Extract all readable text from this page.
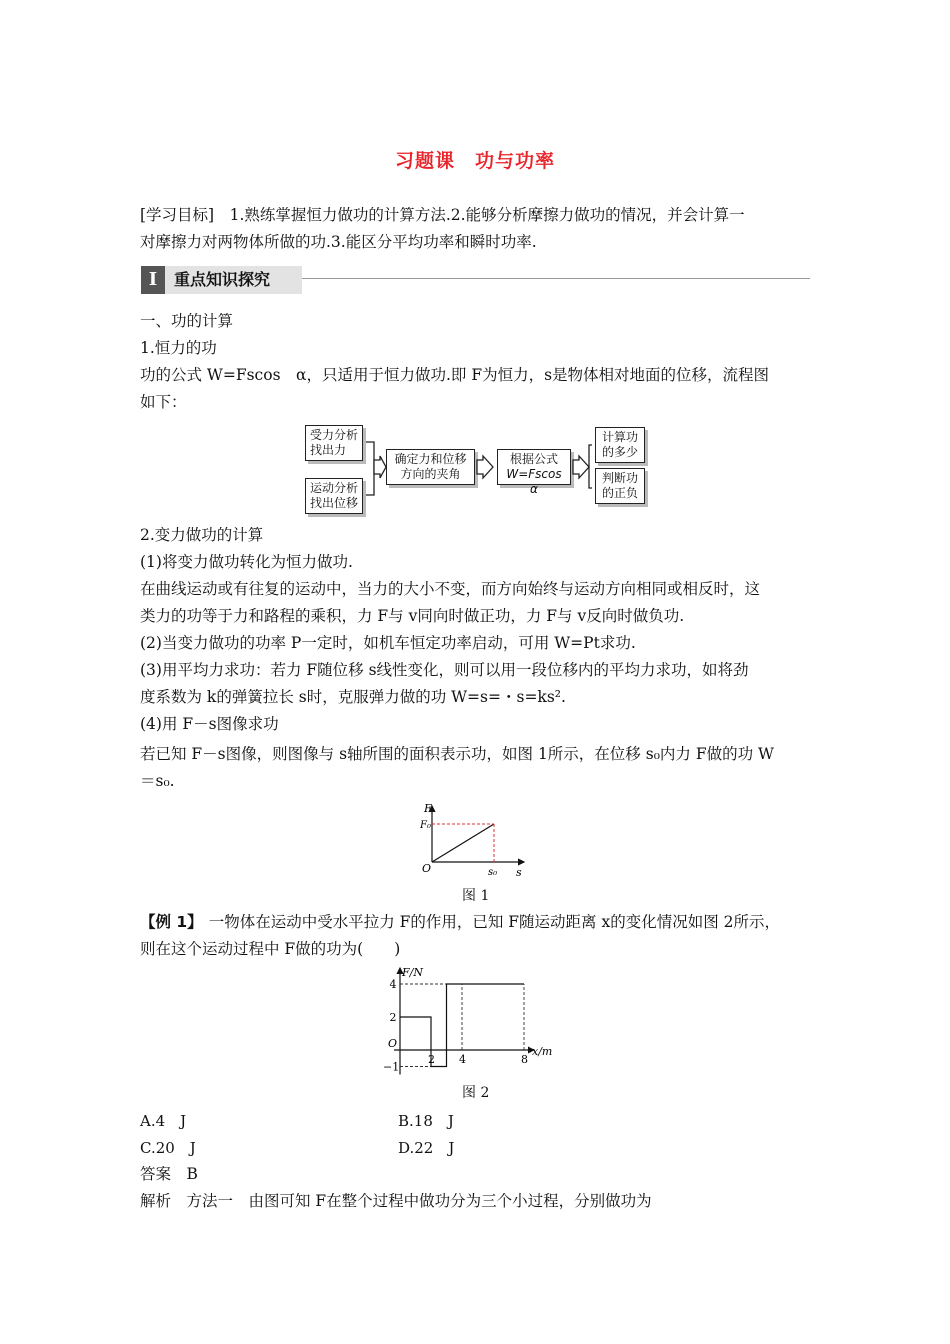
习题课　功与功率
[学习目标]　1.熟练掌握恒力做功的计算方法.2.能够分析摩擦力做功的情况，并会计算一
对摩擦力对两物体所做的功.3.能区分平均功率和瞬时功率.
I	重点知识探究
一、功的计算
1.恒力的功
功的公式 W=Fscos　α，只适用于恒力做功.即 F为恒力，s是物体相对地面的位移，流程图
如下：
受力分析
找出力
运动分析
找出位移
确定力和位移
方向的夹角
根据公式
W=Fscos α
计算功
的多少
判断功
的正负
2.变力做功的计算
(1)将变力做功转化为恒力做功.
在曲线运动或有往复的运动中，当力的大小不变，而方向始终与运动方向相同或相反时，这
类力的功等于力和路程的乘积，力 F与 v同向时做正功，力 F与 v反向时做负功.
(2)当变力做功的功率 P一定时，如机车恒定功率启动，可用 W=Pt求功.
(3)用平均力求功：若力 F随位移 s线性变化，则可以用一段位移内的平均力求功，如将劲
度系数为 k的弹簧拉长 s时，克服弹力做的功 W=s=・s=ks².
(4)用 F－s图像求功
若已知 F－s图像，则图像与 s轴所围的面积表示功，如图 1所示，在位移 s₀内力 F做的功 W
＝s₀.
F
s
O
F₀
s₀
图 1
【例 1】 一物体在运动中受水平拉力 F的作用，已知 F随运动距离 x的变化情况如图 2所示，
则在这个运动过程中 F做的功为(　　)
4
2
−1
2 4	8
F/N
x/m
O
图 2
A.4　J	B.18　J
C.20　J	D.22　J
答案　B
解析　方法一　由图可知 F在整个过程中做功分为三个小过程，分别做功为
